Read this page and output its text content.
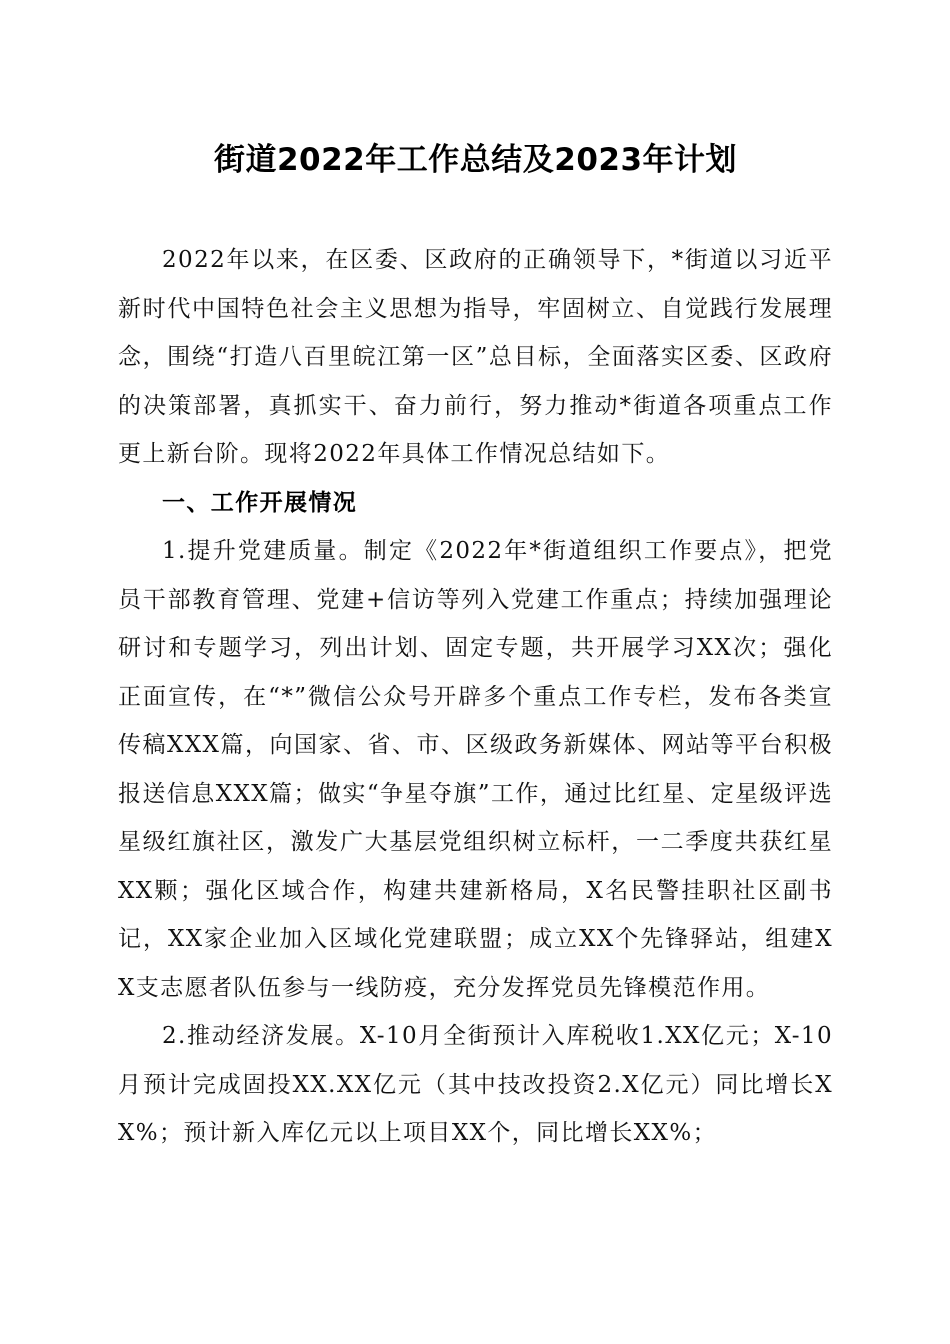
街道2022年工作总结及2023年计划

2022年以来，在区委、区政府的正确领导下，*街道以习近平新时代中国特色社会主义思想为指导，牢固树立、自觉践行发展理念，围绕“打造八百里皖江第一区”总目标，全面落实区委、区政府的决策部署，真抓实干、奋力前行，努力推动*街道各项重点工作更上新台阶。现将2022年具体工作情况总结如下。

一、工作开展情况

1.提升党建质量。制定《2022年*街道组织工作要点》，把党员干部教育管理、党建+信访等列入党建工作重点；持续加强理论研讨和专题学习，列出计划、固定专题，共开展学习XX次；强化正面宣传，在“*”微信公众号开辟多个重点工作专栏，发布各类宣传稿XXX篇，向国家、省、市、区级政务新媒体、网站等平台积极报送信息XXX篇；做实“争星夺旗”工作，通过比红星、定星级评选星级红旗社区，激发广大基层党组织树立标杆，一二季度共获红星XX颗；强化区域合作，构建共建新格局，X名民警挂职社区副书记，XX家企业加入区域化党建联盟；成立XX个先锋驿站，组建XX支志愿者队伍参与一线防疫，充分发挥党员先锋模范作用。

2.推动经济发展。X-10月全街预计入库税收1.XX亿元；X-10月预计完成固投XX.XX亿元（其中技改投资2.X亿元）同比增长XX%；预计新入库亿元以上项目XX个，同比增长XX%；
